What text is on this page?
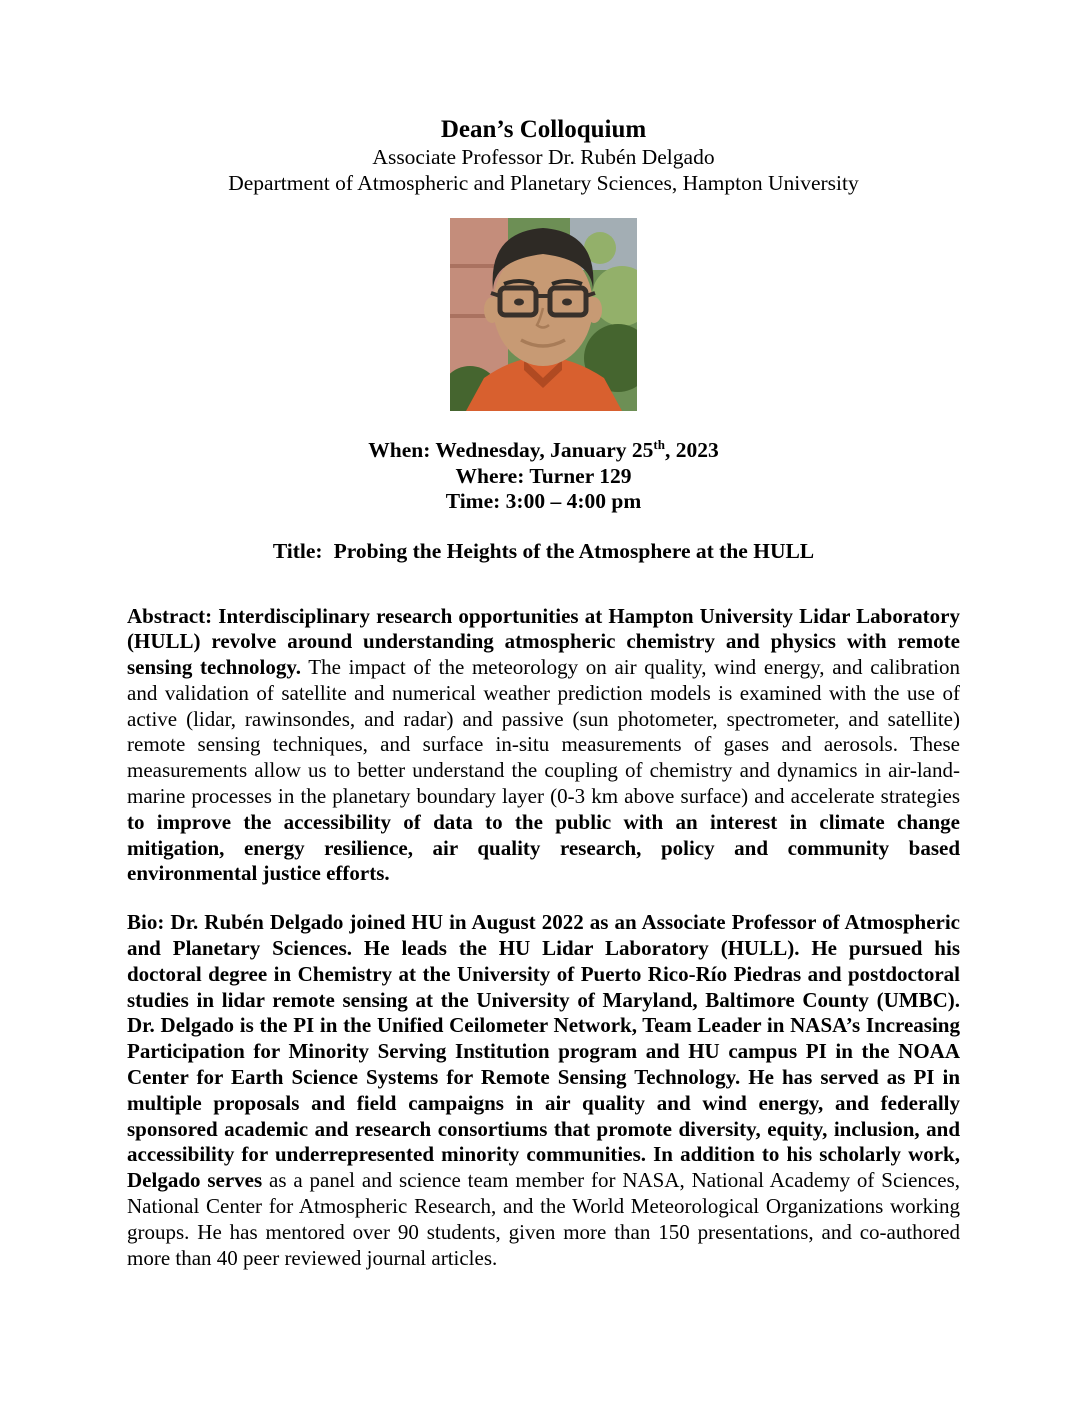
Dean’s Colloquium

Associate Professor Dr. Rubén Delgado

Department of Atmospheric and Planetary Sciences, Hampton University

When: Wednesday, January 25th, 2023
Where: Turner 129
Time: 3:00 – 4:00 pm
Title: Probing the Heights of the Atmosphere at the HULL

Abstract: Interdisciplinary research opportunities at Hampton University Lidar Laboratory (HULL) revolve around understanding atmospheric chemistry and physics with remote sensing technology. The impact of the meteorology on air quality, wind energy, and calibration and validation of satellite and numerical weather prediction models is examined with the use of active (lidar, rawinsondes, and radar) and passive (sun photometer, spectrometer, and satellite) remote sensing techniques, and surface in-situ measurements of gases and aerosols. These measurements allow us to better understand the coupling of chemistry and dynamics in air-land-marine processes in the planetary boundary layer (0-3 km above surface) and accelerate strategies to improve the accessibility of data to the public with an interest in climate change mitigation, energy resilience, air quality research, policy and community based environmental justice efforts.

Bio: Dr. Rubén Delgado joined HU in August 2022 as an Associate Professor of Atmospheric and Planetary Sciences. He leads the HU Lidar Laboratory (HULL). He pursued his doctoral degree in Chemistry at the University of Puerto Rico-Río Piedras and postdoctoral studies in lidar remote sensing at the University of Maryland, Baltimore County (UMBC). Dr. Delgado is the PI in the Unified Ceilometer Network, Team Leader in NASA’s Increasing Participation for Minority Serving Institution program and HU campus PI in the NOAA Center for Earth Science Systems for Remote Sensing Technology. He has served as PI in multiple proposals and field campaigns in air quality and wind energy, and federally sponsored academic and research consortiums that promote diversity, equity, inclusion, and accessibility for underrepresented minority communities. In addition to his scholarly work, Delgado serves as a panel and science team member for NASA, National Academy of Sciences, National Center for Atmospheric Research, and the World Meteorological Organizations working groups. He has mentored over 90 students, given more than 150 presentations, and co-authored more than 40 peer reviewed journal articles.
